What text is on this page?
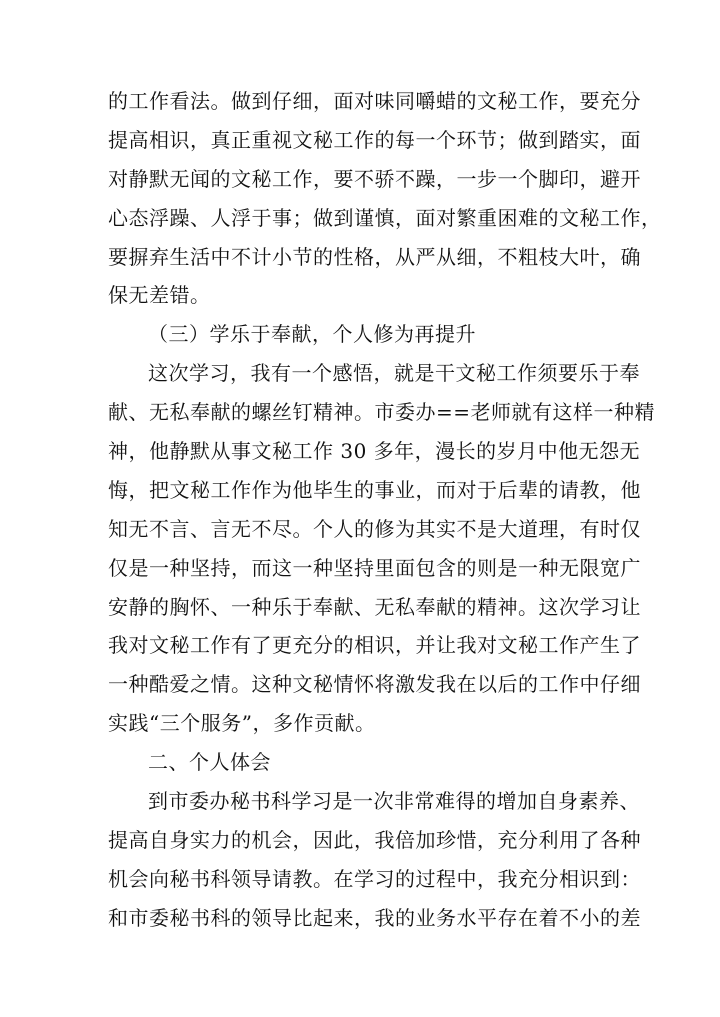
的工作看法。做到仔细，面对味同嚼蜡的文秘工作，要充分
提高相识，真正重视文秘工作的每一个环节；做到踏实，面
对静默无闻的文秘工作，要不骄不躁，一步一个脚印，避开
心态浮躁、人浮于事；做到谨慎，面对繁重困难的文秘工作，
要摒弃生活中不计小节的性格，从严从细，不粗枝大叶，确
保无差错。
（三）学乐于奉献，个人修为再提升
这次学习，我有一个感悟，就是干文秘工作须要乐于奉
献、无私奉献的螺丝钉精神。市委办==老师就有这样一种精
神，他静默从事文秘工作 30 多年，漫长的岁月中他无怨无
悔，把文秘工作作为他毕生的事业，而对于后辈的请教，他
知无不言、言无不尽。个人的修为其实不是大道理，有时仅
仅是一种坚持，而这一种坚持里面包含的则是一种无限宽广
安静的胸怀、一种乐于奉献、无私奉献的精神。这次学习让
我对文秘工作有了更充分的相识，并让我对文秘工作产生了
一种酷爱之情。这种文秘情怀将激发我在以后的工作中仔细
实践“三个服务”，多作贡献。
二、个人体会
到市委办秘书科学习是一次非常难得的增加自身素养、
提高自身实力的机会，因此，我倍加珍惜，充分利用了各种
机会向秘书科领导请教。在学习的过程中，我充分相识到：
和市委秘书科的领导比起来，我的业务水平存在着不小的差
